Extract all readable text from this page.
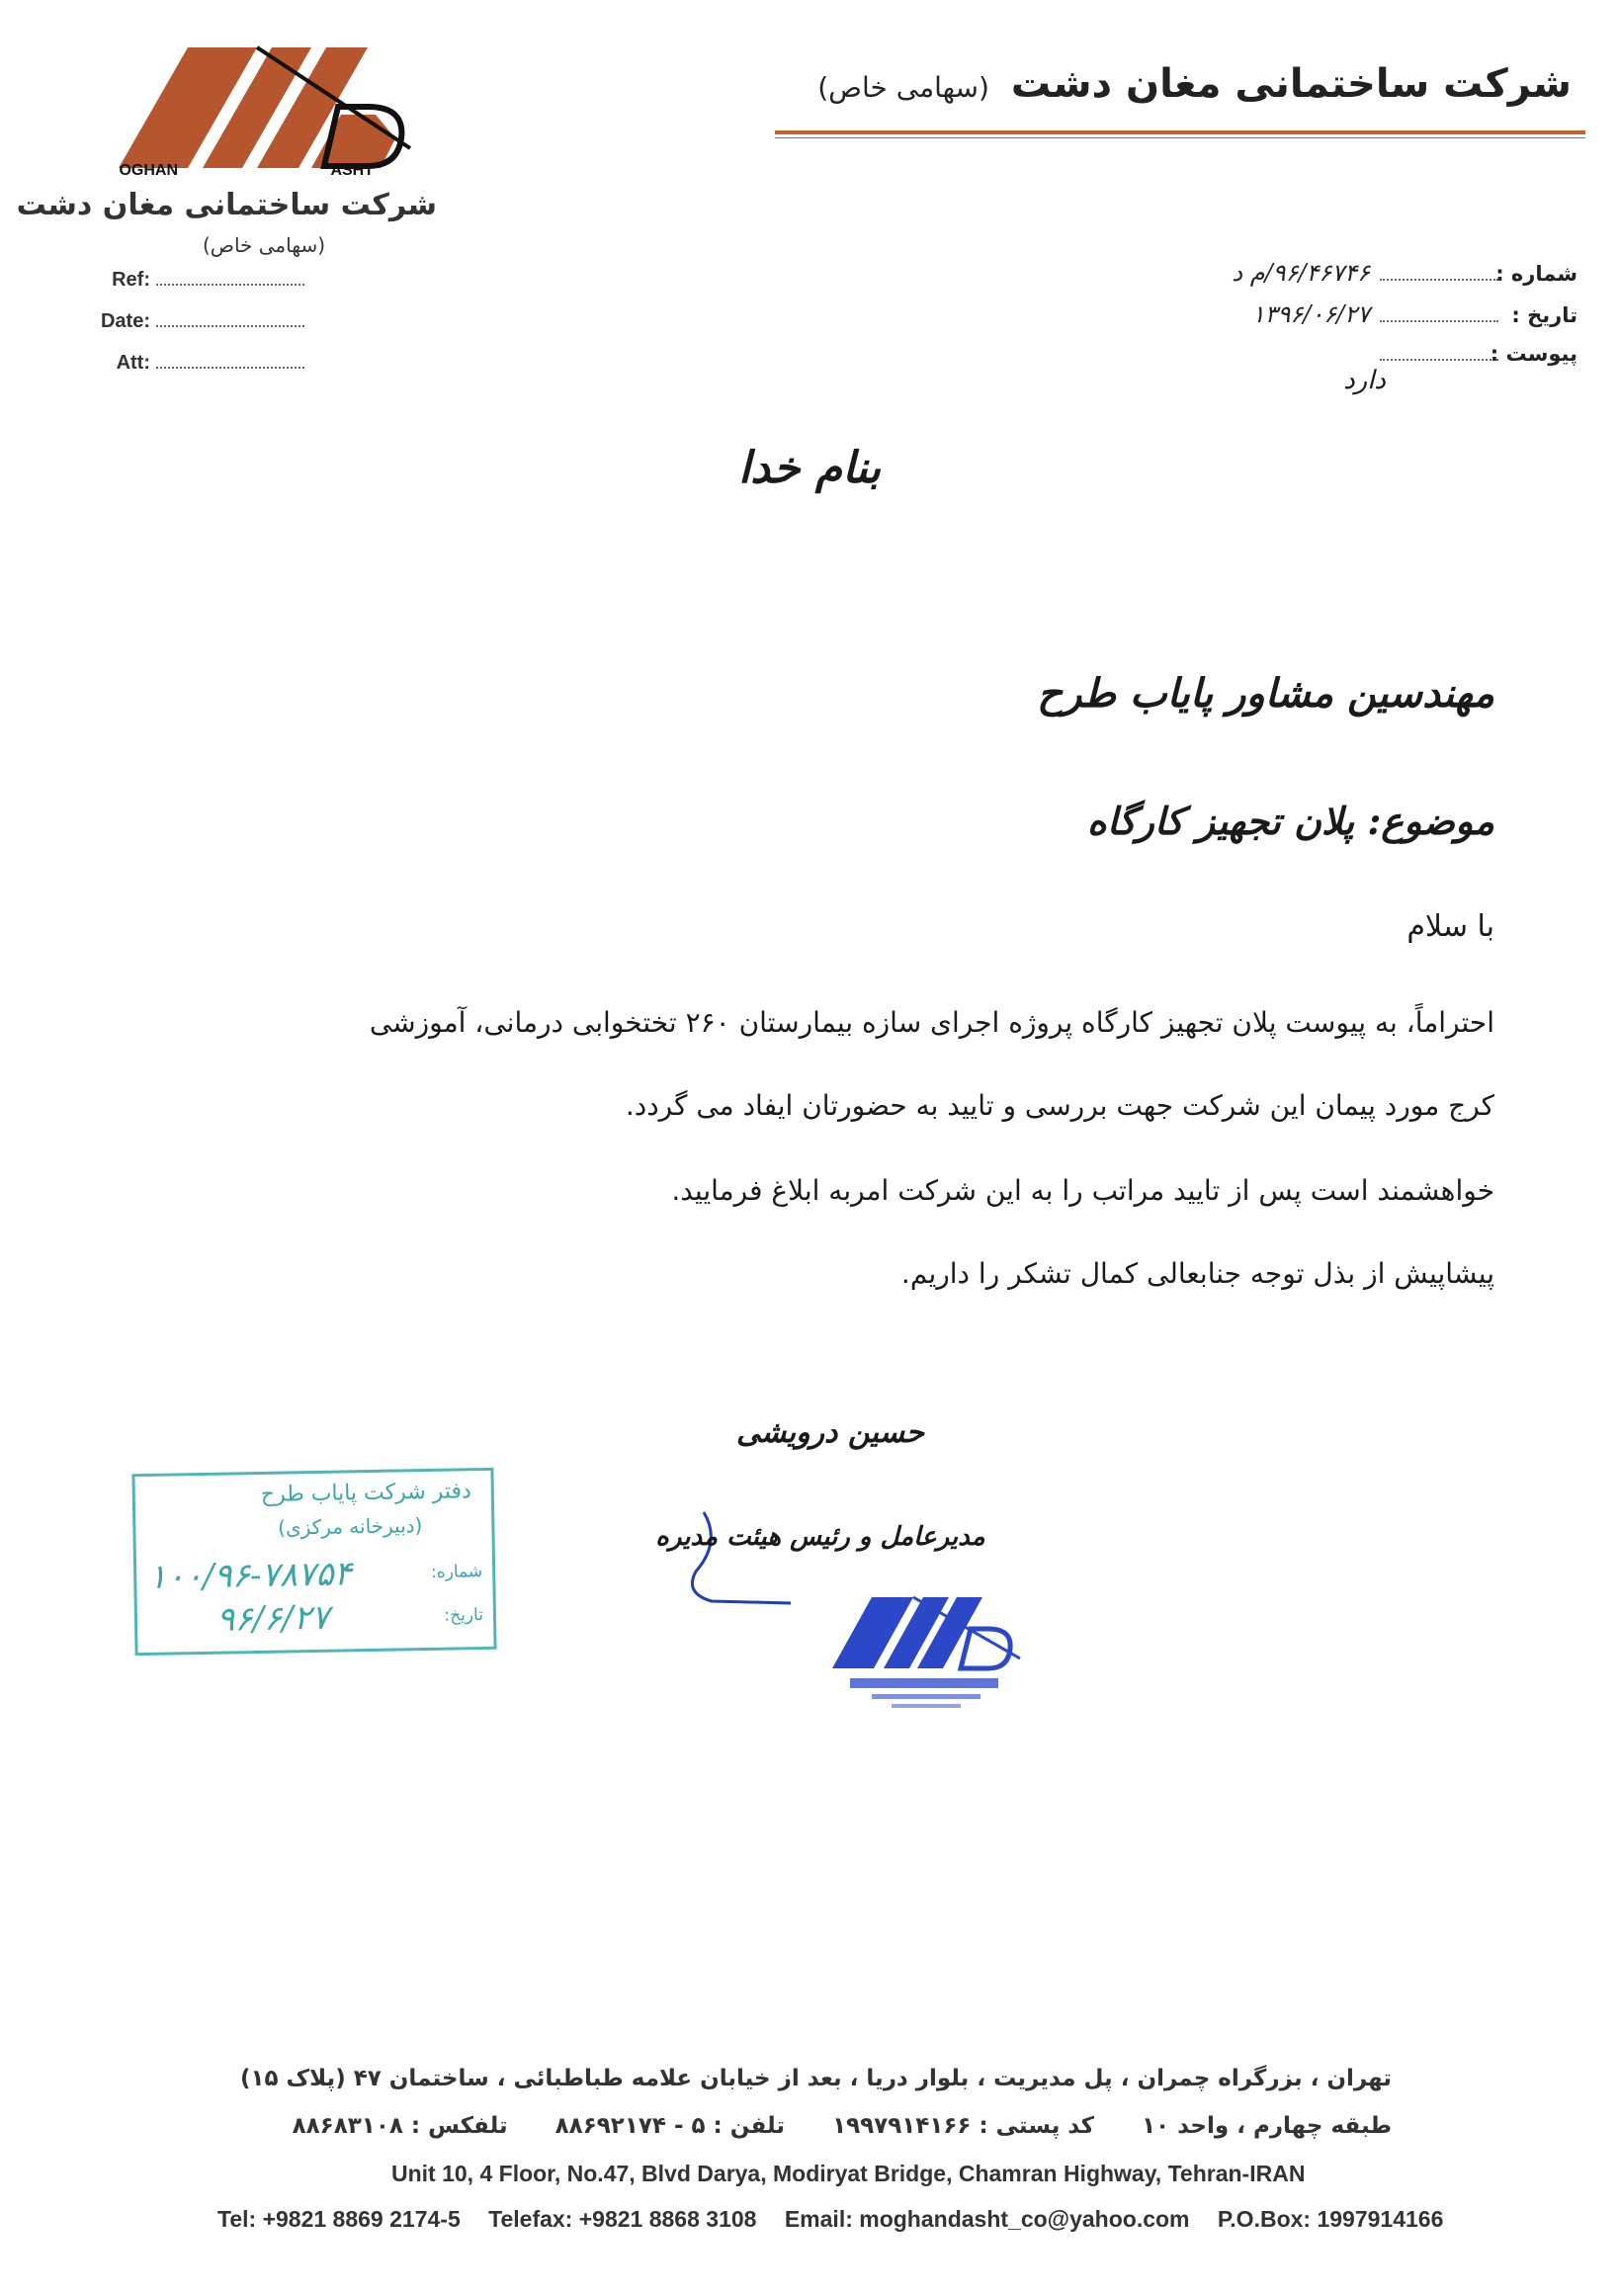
OGHAN	ASHT
شرکت ساختمانی مغان دشت
(سهامی خاص)
شرکت ساختمانی مغان دشت (سهامی خاص)
Ref:
Date:
Att:
شماره :۹۶/۴۶۷۴۶/م د
تاریخ :۱۳۹۶/۰۶/۲۷
پیوست :
دارد
بنام خدا
مهندسین مشاور پایاب طرح
موضوع: پلان تجهیز کارگاه
با سلام
احتراماً، به پیوست پلان تجهیز کارگاه پروژه اجرای سازه بیمارستان ۲۶۰ تختخوابی درمانی، آموزشی
کرج مورد پیمان این شرکت جهت بررسی و تایید به حضورتان ایفاد می گردد.
خواهشمند است پس از تایید مراتب را به این شرکت امربه ابلاغ فرمایید.
پیشاپیش از بذل توجه جنابعالی کمال تشکر را داریم.
حسین درویشی
مدیرعامل و رئیس هیئت مدیره
دفتر شرکت پایاب طرح
(دبیرخانه مرکزی)
شماره:
۱۰۰/۹۶-۷۸۷۵۴
تاریخ:
۹۶/۶/۲۷
تهران ، بزرگراه چمران ، پل مدیریت ، بلوار دریا ، بعد از خیابان علامه طباطبائی ، ساختمان ۴۷ (پلاک ۱۵)
طبقه چهارم ، واحد ۱۰ کد پستی : ۱۹۹۷۹۱۴۱۶۶ تلفن : ۵ - ۸۸۶۹۲۱۷۴ تلفکس : ۸۸۶۸۳۱۰۸
Unit 10, 4 Floor, No.47, Blvd Darya, Modiryat Bridge, Chamran Highway, Tehran-IRAN
Tel: +9821 8869 2174-5 Telefax: +9821 8868 3108 Email: moghandasht_co@yahoo.com P.O.Box: 1997914166
